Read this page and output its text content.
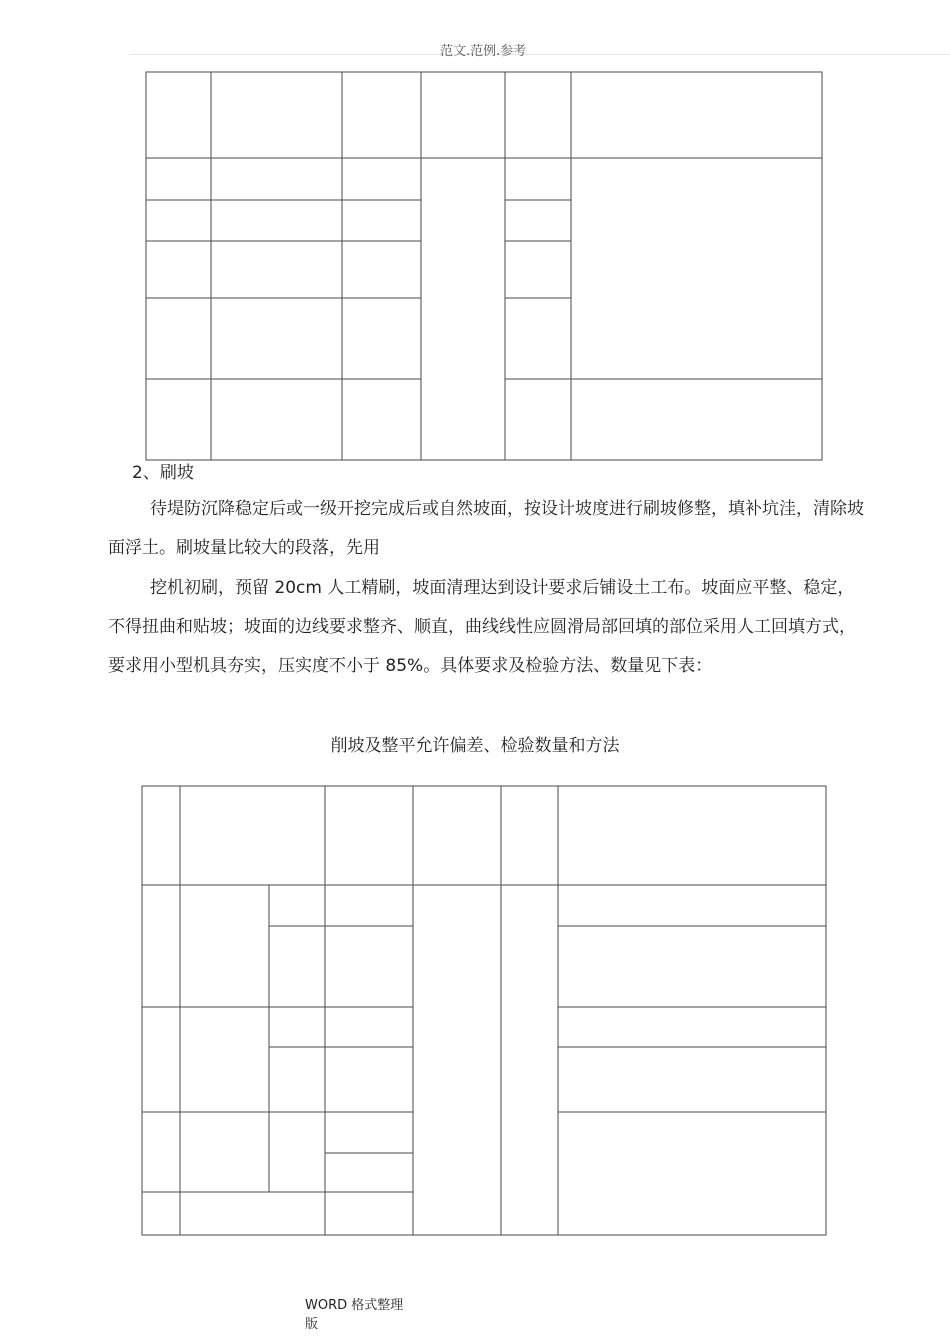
范文.范例.参考
2、刷坡

待堤防沉降稳定后或一级开挖完成后或自然坡面，按设计坡度进行刷坡修整，填补坑洼，清除坡面浮土。刷坡量比较大的段落，先用

挖机初刷，预留 20cm 人工精刷，坡面清理达到设计要求后铺设土工布。坡面应平整、稳定，不得扭曲和贴坡；坡面的边线要求整齐、顺直，曲线线性应圆滑局部回填的部位采用人工回填方式，要求用小型机具夯实，压实度不小于 85%。具体要求及检验方法、数量见下表：

削坡及整平允许偏差、检验数量和方法
WORD 格式整理版
